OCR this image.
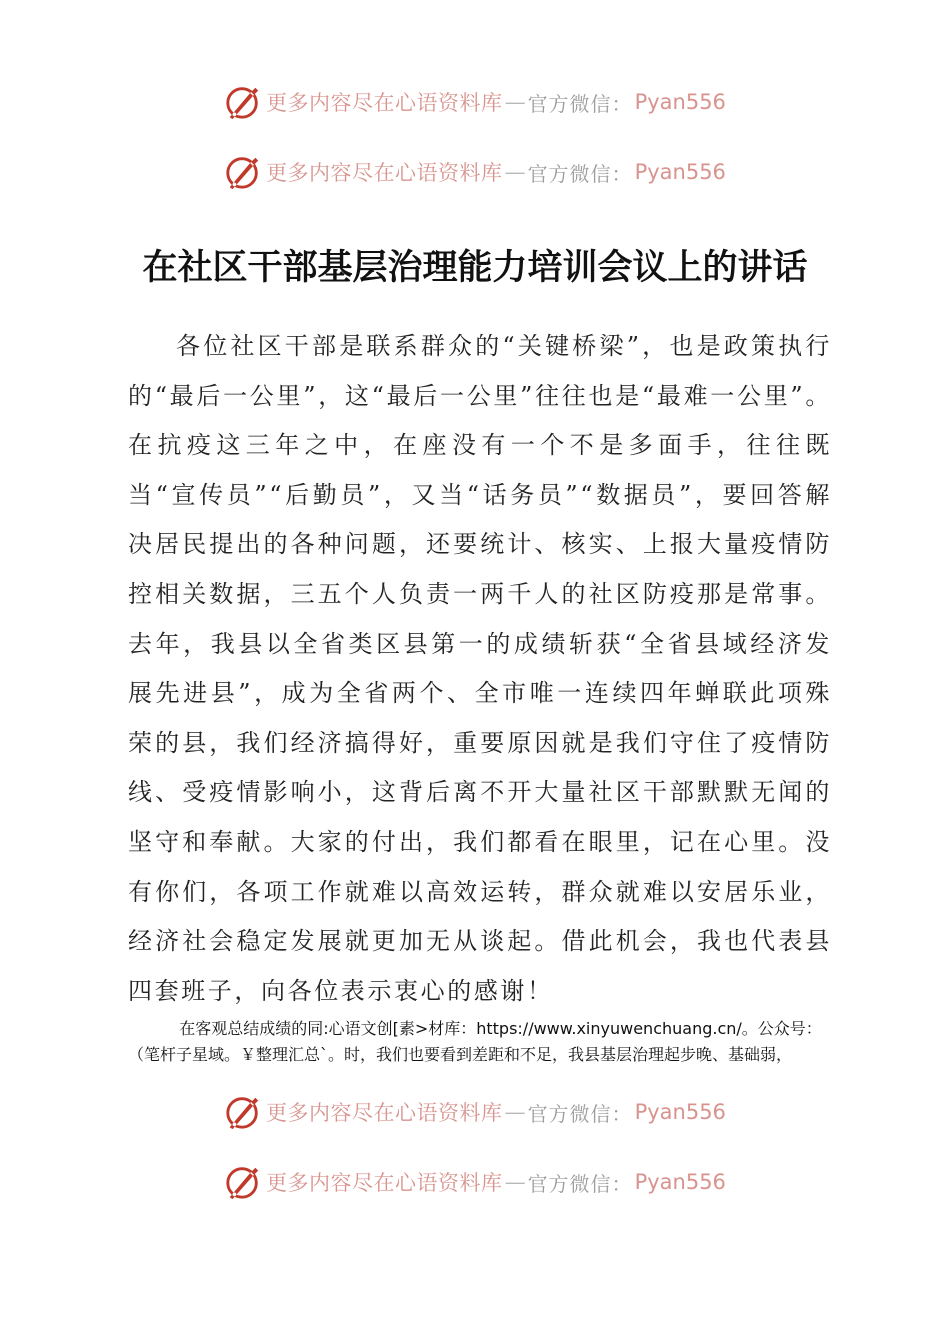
更多内容尽在心语资料库 — 官方微信： Pyan556
更多内容尽在心语资料库 — 官方微信： Pyan556
在社区干部基层治理能力培训会议上的讲话

各位社区干部是联系群众的“关键桥梁”，也是政策执行的“最后一公里”，这“最后一公里”往往也是“最难一公里”。在抗疫这三年之中，在座没有一个不是多面手，往往既当“宣传员”“后勤员”，又当“话务员”“数据员”，要回答解决居民提出的各种问题，还要统计、核实、上报大量疫情防控相关数据，三五个人负责一两千人的社区防疫那是常事。去年，我县以全省类区县第一的成绩斩获“全省县域经济发展先进县”，成为全省两个、全市唯一连续四年蝉联此项殊荣的县，我们经济搞得好，重要原因就是我们守住了疫情防线、受疫情影响小，这背后离不开大量社区干部默默无闻的坚守和奉献。大家的付出，我们都看在眼里，记在心里。没有你们，各项工作就难以高效运转，群众就难以安居乐业，经济社会稳定发展就更加无从谈起。借此机会，我也代表县四套班子，向各位表示衷心的感谢！

在客观总结成绩的同:心语文创[素>材库：https://www.xinyuwenchuang.cn/。公众号：（笔杆子星域。￥整理汇总`。时，我们也要看到差距和不足，我县基层治理起步晚、基础弱，

更多内容尽在心语资料库 — 官方微信： Pyan556
更多内容尽在心语资料库 — 官方微信： Pyan556
